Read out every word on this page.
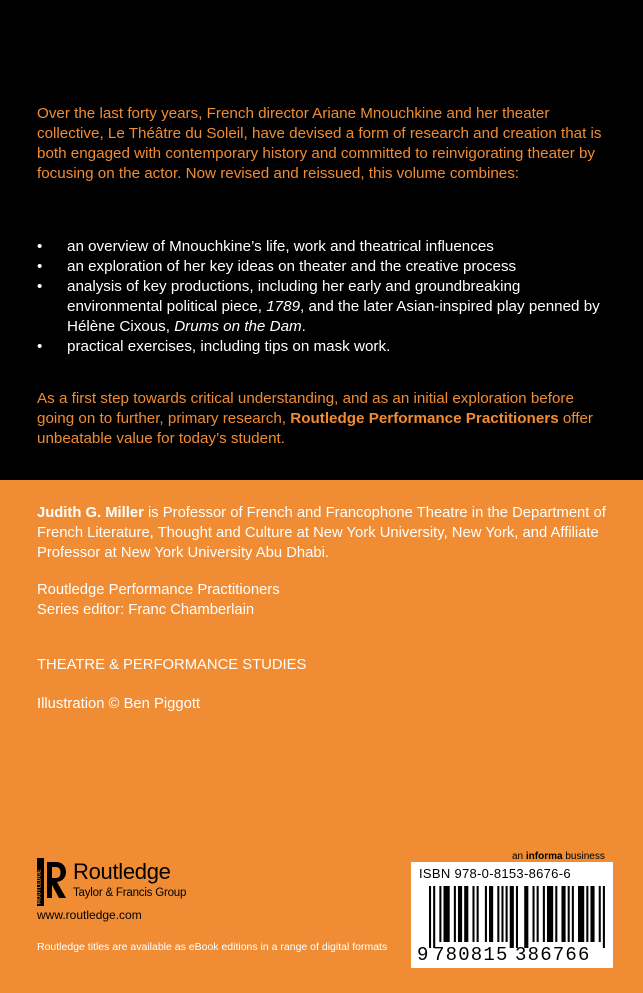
Over the last forty years, French director Ariane Mnouchkine and her theater collective, Le Théâtre du Soleil, have devised a form of research and creation that is both engaged with contemporary history and committed to reinvigorating theater by focusing on the actor. Now revised and reissued, this volume combines:

• an overview of Mnouchkine’s life, work and theatrical influences
• an exploration of her key ideas on theater and the creative process
• analysis of key productions, including her early and groundbreaking environmental political piece, 1789, and the later Asian-inspired play penned by Hélène Cixous, Drums on the Dam.
• practical exercises, including tips on mask work.

As a first step towards critical understanding, and as an initial exploration before going on to further, primary research, Routledge Performance Practitioners offer unbeatable value for today’s student.

Judith G. Miller is Professor of French and Francophone Theatre in the Department of French Literature, Thought and Culture at New York University, New York, and Affiliate Professor at New York University Abu Dhabi.

Routledge Performance Practitioners
Series editor: Franc Chamberlain

THEATRE & PERFORMANCE STUDIES

Illustration © Ben Piggott

ROUTLEDGE Routledge
Taylor & Francis Group
www.routledge.com
Routledge titles are available as eBook editions in a range of digital formats
an informa business
ISBN 978-0-8153-8676-6
9 780815 386766
